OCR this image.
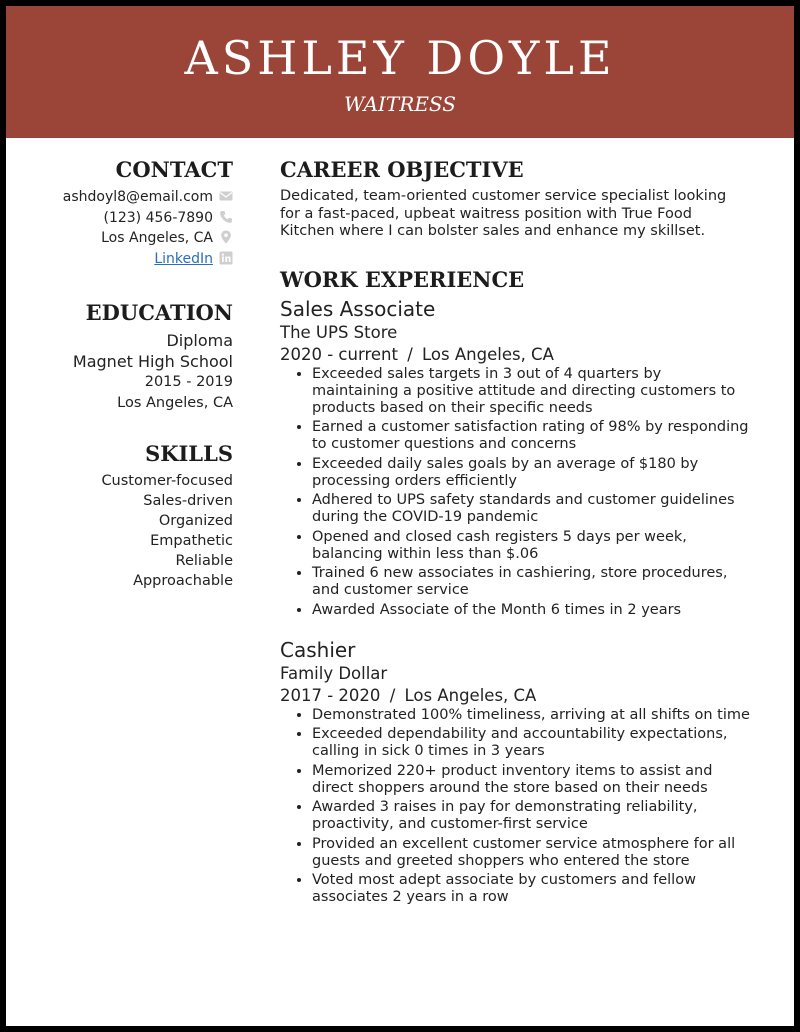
ASHLEY DOYLE
WAITRESS
CONTACT
ashdoyl8@email.com
(123) 456-7890
Los Angeles, CA
LinkedIn
EDUCATION
Diploma
Magnet High School
2015 - 2019
Los Angeles, CA
SKILLS
Customer-focused
Sales-driven
Organized
Empathetic
Reliable
Approachable
CAREER OBJECTIVE

Dedicated, team-oriented customer service specialist looking for a fast-paced, upbeat waitress position with True Food Kitchen where I can bolster sales and enhance my skillset.

WORK EXPERIENCE
Sales Associate
The UPS Store
2020 - current / Los Angeles, CA
• Exceeded sales targets in 3 out of 4 quarters by maintaining a positive attitude and directing customers to products based on their specific needs
• Earned a customer satisfaction rating of 98% by responding to customer questions and concerns
• Exceeded daily sales goals by an average of $180 by processing orders efficiently
• Adhered to UPS safety standards and customer guidelines during the COVID-19 pandemic
• Opened and closed cash registers 5 days per week, balancing within less than $.06
• Trained 6 new associates in cashiering, store procedures, and customer service
• Awarded Associate of the Month 6 times in 2 years
Cashier
Family Dollar
2017 - 2020 / Los Angeles, CA
• Demonstrated 100% timeliness, arriving at all shifts on time
• Exceeded dependability and accountability expectations, calling in sick 0 times in 3 years
• Memorized 220+ product inventory items to assist and direct shoppers around the store based on their needs
• Awarded 3 raises in pay for demonstrating reliability, proactivity, and customer-first service
• Provided an excellent customer service atmosphere for all guests and greeted shoppers who entered the store
• Voted most adept associate by customers and fellow associates 2 years in a row
